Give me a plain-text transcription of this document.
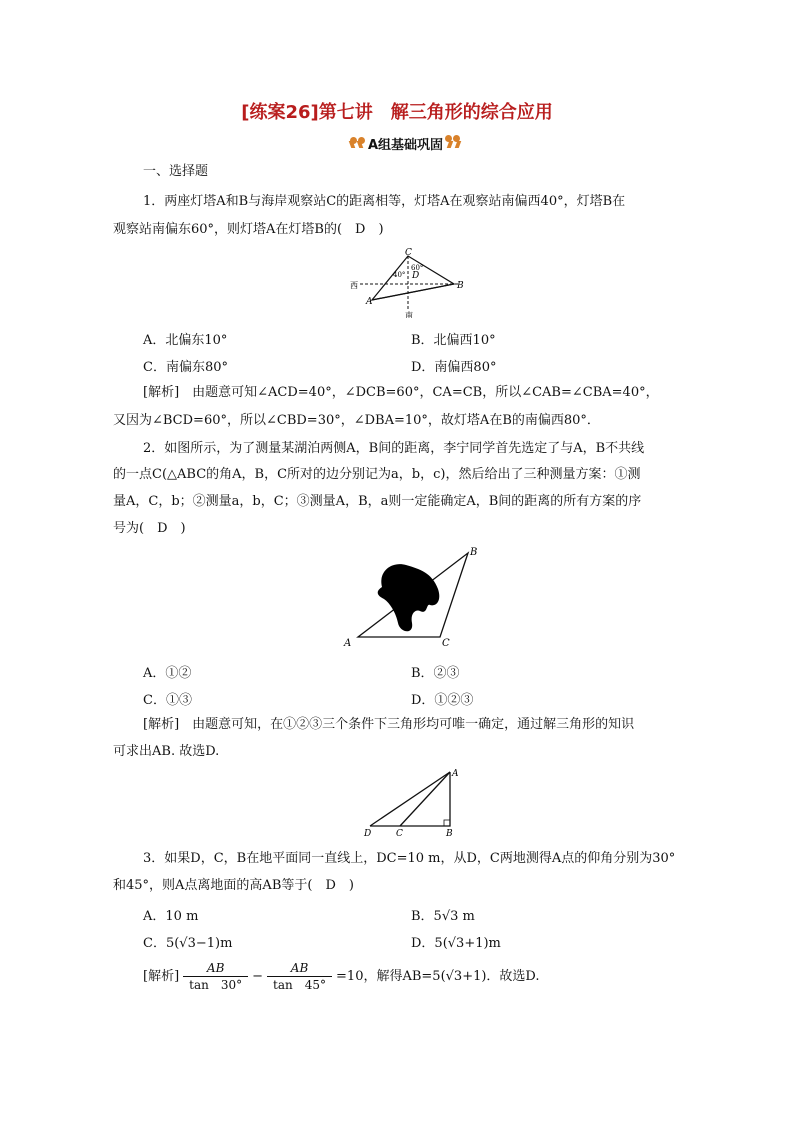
[练案26]第七讲　解三角形的综合应用
A组基础巩固
一、选择题
1．两座灯塔A和B与海岸观察站C的距离相等，灯塔A在观察站南偏西40°，灯塔B在
观察站南偏东60°，则灯塔A在灯塔B的(　D　)
C
D
A
B
西
南
40°
60°
A．北偏东10°	B．北偏西10°
C．南偏东80°	D．南偏西80°
[解析]　由题意可知∠ACD=40°，∠DCB=60°，CA=CB，所以∠CAB=∠CBA=40°，
又因为∠BCD=60°，所以∠CBD=30°，∠DBA=10°，故灯塔A在B的南偏西80°．
2．如图所示，为了测量某湖泊两侧A，B间的距离，李宁同学首先选定了与A，B不共线
的一点C(△ABC的角A，B，C所对的边分别记为a，b，c)，然后给出了三种测量方案：①测
量A，C，b；②测量a，b，C；③测量A，B，a则一定能确定A，B间的距离的所有方案的序
号为(　D　)
A	C
B
A．①②	B．②③
C．①③	D．①②③
[解析]　由题意可知，在①②③三个条件下三角形均可唯一确定，通过解三角形的知识
可求出AB. 故选D.
A
D	C	B
3．如果D，C，B在地平面同一直线上，DC=10 m，从D，C两地测得A点的仰角分别为30°
和45°，则A点离地面的高AB等于(　D　)
A．10 m	B．5√3 m
C．5(√3−1)m	D．5(√3+1)m
[解析] $\frac{AB}{\tan 30^\circ} - \frac{AB}{\tan 45^\circ} =10$，解得AB=5(√3+1)．故选D.
